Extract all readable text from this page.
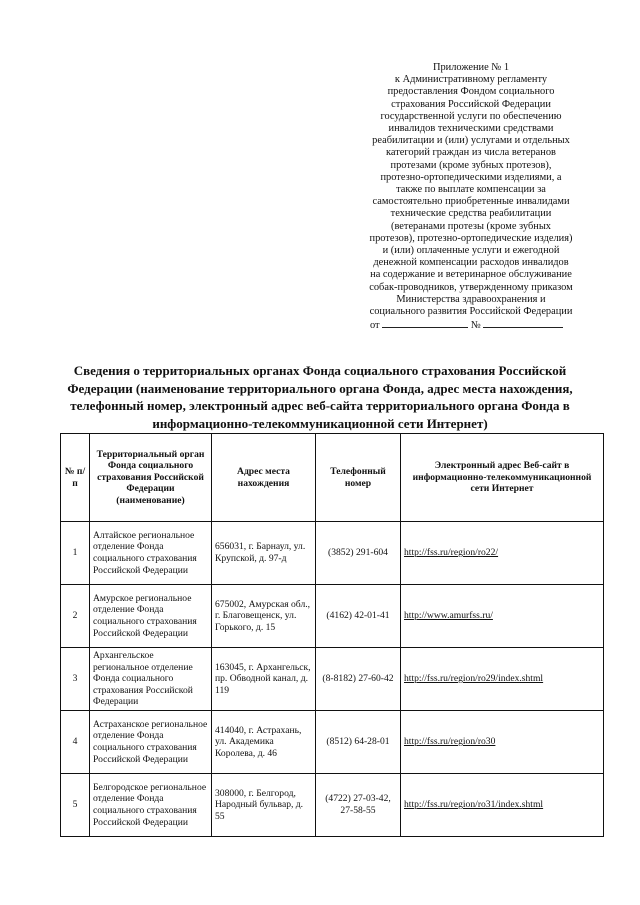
Приложение № 1
к Административному регламенту
предоставления Фондом социального
страхования Российской Федерации
государственной услуги по обеспечению
инвалидов техническими средствами
реабилитации и (или) услугами и отдельных
категорий граждан из числа ветеранов
протезами (кроме зубных протезов),
протезно-ортопедическими изделиями, а
также по выплате компенсации за
самостоятельно приобретенные инвалидами
технические средства реабилитации
(ветеранами протезы (кроме зубных
протезов), протезно-ортопедические изделия)
и (или) оплаченные услуги и ежегодной
денежной компенсации расходов инвалидов
на содержание и ветеринарное обслуживание
собак-проводников, утвержденному приказом
Министерства здравоохранения и
социального развития Российской Федерации
от	№
Сведения о территориальных органах Фонда социального страхования Российской Федерации (наименование территориального органа Фонда, адрес места нахождения, телефонный номер, электронный адрес веб-сайта территориального органа Фонда в информационно-телекоммуникационной сети Интернет)
№ п/п	Территориальный орган Фонда социального страхования Российской Федерации (наименование)	Адрес места нахождения	Телефонный номер	Электронный адрес Веб-сайт в информационно-телекоммуникационной сети Интернет
1	Алтайское региональное отделение Фонда социального страхования Российской Федерации	656031, г. Барнаул, ул. Крупской, д. 97-д	(3852) 291-604	http://fss.ru/region/ro22/
2	Амурское региональное отделение Фонда социального страхования Российской Федерации	675002, Амурская обл., г. Благовещенск, ул. Горького, д. 15	(4162) 42-01-41	http://www.amurfss.ru/
3	Архангельское региональное отделение Фонда социального страхования Российской Федерации	163045, г. Архангельск, пр. Обводной канал, д. 119	(8-8182) 27-60-42	http://fss.ru/region/ro29/index.shtml
4	Астраханское региональное отделение Фонда социального страхования Российской Федерации	414040, г. Астрахань, ул. Академика Королева, д. 46	(8512) 64-28-01	http://fss.ru/region/ro30
5	Белгородское региональное отделение Фонда социального страхования Российской Федерации	308000, г. Белгород, Народный бульвар, д. 55	(4722) 27-03-42, 27-58-55	http://fss.ru/region/ro31/index.shtml
